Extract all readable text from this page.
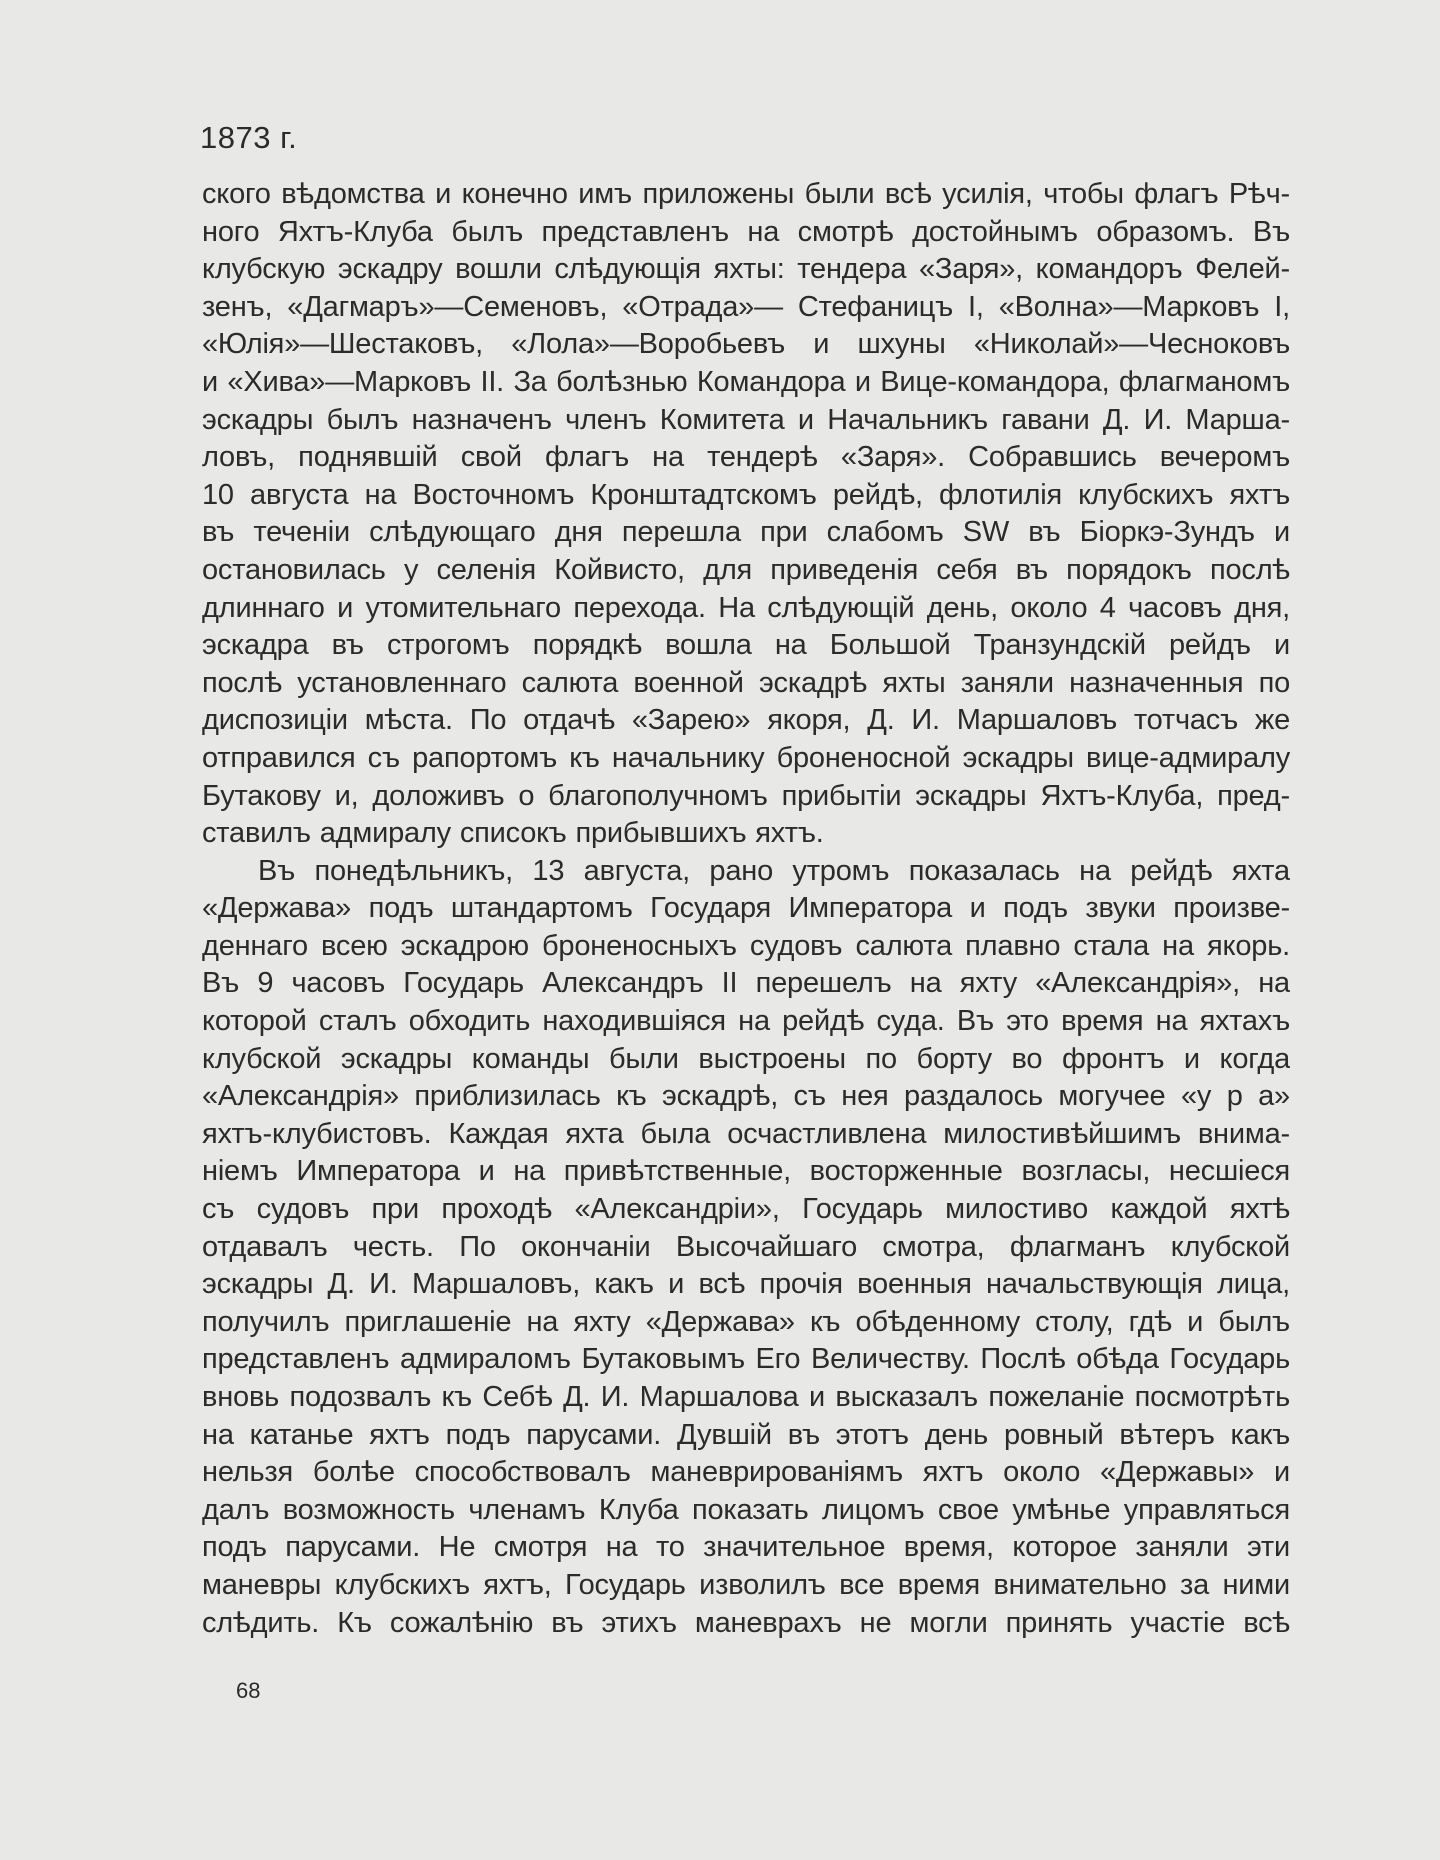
1873 г.
ского вѣдомства и конечно имъ приложены были всѣ усилія, чтобы флагъ Рѣч-
ного Яхтъ-Клуба былъ представленъ на смотрѣ достойнымъ образомъ. Въ
клубскую эскадру вошли слѣдующія яхты: тендера «Заря», командоръ Фелей-
зенъ, «Дагмаръ»—Семеновъ, «Отрада»— Стефаницъ I, «Волна»—Марковъ I,
«Юлія»—Шестаковъ, «Лола»—Воробьевъ и шхуны «Николай»—Чесноковъ
и «Хива»—Марковъ II. За болѣзнью Командора и Вице-командора, флагманомъ
эскадры былъ назначенъ членъ Комитета и Начальникъ гавани Д. И. Марша-
ловъ, поднявшій свой флагъ на тендерѣ «Заря». Собравшись вечеромъ
10 августа на Восточномъ Кронштадтскомъ рейдѣ, флотилія клубскихъ яхтъ
въ теченіи слѣдующаго дня перешла при слабомъ SW въ Біоркэ-Зундъ и
остановилась у селенія Койвисто, для приведенія себя въ порядокъ послѣ
длиннаго и утомительнаго перехода. На слѣдующій день, около 4 часовъ дня,
эскадра въ строгомъ порядкѣ вошла на Большой Транзундскій рейдъ и
послѣ установленнаго салюта военной эскадрѣ яхты заняли назначенныя по
диспозиціи мѣста. По отдачѣ «Зарею» якоря, Д. И. Маршаловъ тотчасъ же
отправился съ рапортомъ къ начальнику броненосной эскадры вице-адмиралу
Бутакову и, доложивъ о благополучномъ прибытіи эскадры Яхтъ-Клуба, пред-
ставилъ адмиралу списокъ прибывшихъ яхтъ.
Въ понедѣльникъ, 13 августа, рано утромъ показалась на рейдѣ яхта
«Держава» подъ штандартомъ Государя Императора и подъ звуки произве-
деннаго всею эскадрою броненосныхъ судовъ салюта плавно стала на якорь.
Въ 9 часовъ Государь Александръ II перешелъ на яхту «Александрія», на
которой сталъ обходить находившіяся на рейдѣ суда. Въ это время на яхтахъ
клубской эскадры команды были выстроены по борту во фронтъ и когда
«Александрія» приблизилась къ эскадрѣ, съ нея раздалось могучее «у р а»
яхтъ-клубистовъ. Каждая яхта была осчастливлена милостивѣйшимъ внима-
ніемъ Императора и на привѣтственные, восторженные возгласы, несшіеся
съ судовъ при проходѣ «Александріи», Государь милостиво каждой яхтѣ
отдавалъ честь. По окончаніи Высочайшаго смотра, флагманъ клубской
эскадры Д. И. Маршаловъ, какъ и всѣ прочія военныя начальствующія лица,
получилъ приглашеніе на яхту «Держава» къ обѣденному столу, гдѣ и былъ
представленъ адмираломъ Бутаковымъ Его Величеству. Послѣ обѣда Государь
вновь подозвалъ къ Себѣ Д. И. Маршалова и высказалъ пожеланіе посмотрѣть
на катанье яхтъ подъ парусами. Дувшій въ этотъ день ровный вѣтеръ какъ
нельзя болѣе способствовалъ маневрированіямъ яхтъ около «Державы» и
далъ возможность членамъ Клуба показать лицомъ свое умѣнье управляться
подъ парусами. Не смотря на то значительное время, которое заняли эти
маневры клубскихъ яхтъ, Государь изволилъ все время внимательно за ними
слѣдить. Къ сожалѣнію въ этихъ маневрахъ не могли принять участіе всѣ
68
